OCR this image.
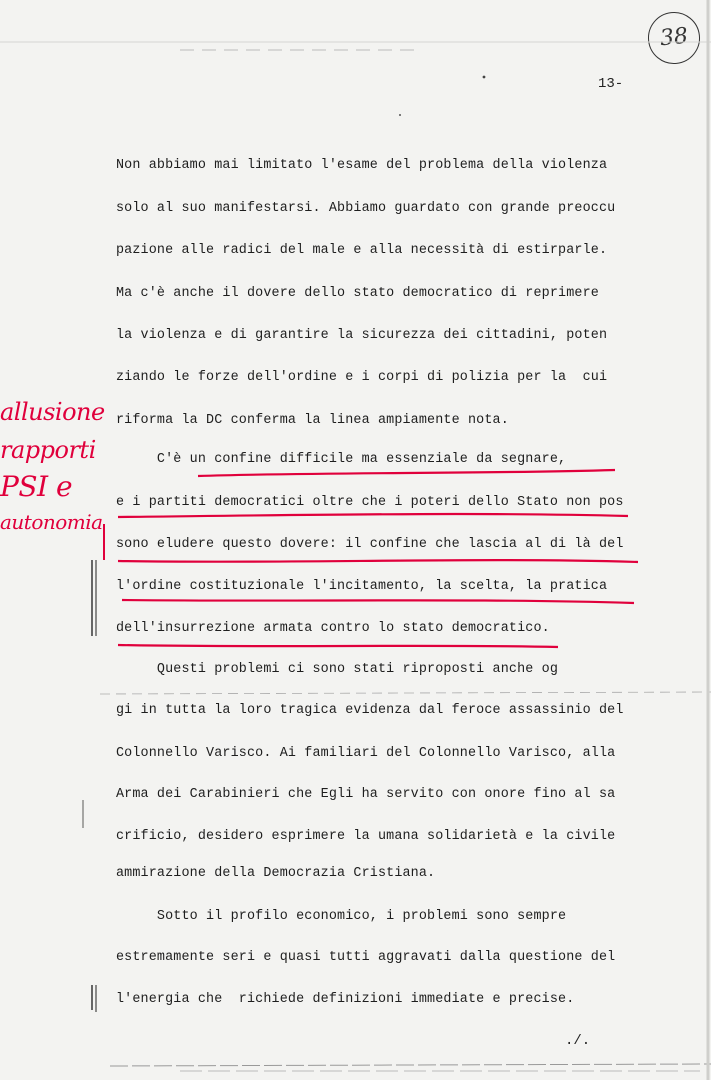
38
13-
Non abbiamo mai limitato l'esame del problema della violenza
solo al suo manifestarsi. Abbiamo guardato con grande preoccu
pazione alle radici del male e alla necessità di estirparle.
Ma c'è anche il dovere dello stato democratico di reprimere
la violenza e di garantire la sicurezza dei cittadini, poten
ziando le forze dell'ordine e i corpi di polizia per la  cui
riforma la DC conferma la linea ampiamente nota.
C'è un confine difficile ma essenziale da segnare,
e i partiti democratici oltre che i poteri dello Stato non pos
sono eludere questo dovere: il confine che lascia al di là del
l'ordine costituzionale l'incitamento, la scelta, la pratica
dell'insurrezione armata contro lo stato democratico.
Questi problemi ci sono stati riproposti anche og
gi in tutta la loro tragica evidenza dal feroce assassinio del
Colonnello Varisco. Ai familiari del Colonnello Varisco, alla
Arma dei Carabinieri che Egli ha servito con onore fino al sa
crificio, desidero esprimere la umana solidarietà e la civile
ammirazione della Democrazia Cristiana.
Sotto il profilo economico, i problemi sono sempre
estremamente seri e quasi tutti aggravati dalla questione del
l'energia che  richiede definizioni immediate e precise.
./.
allusione
rapporti
PSI e
autonomia
